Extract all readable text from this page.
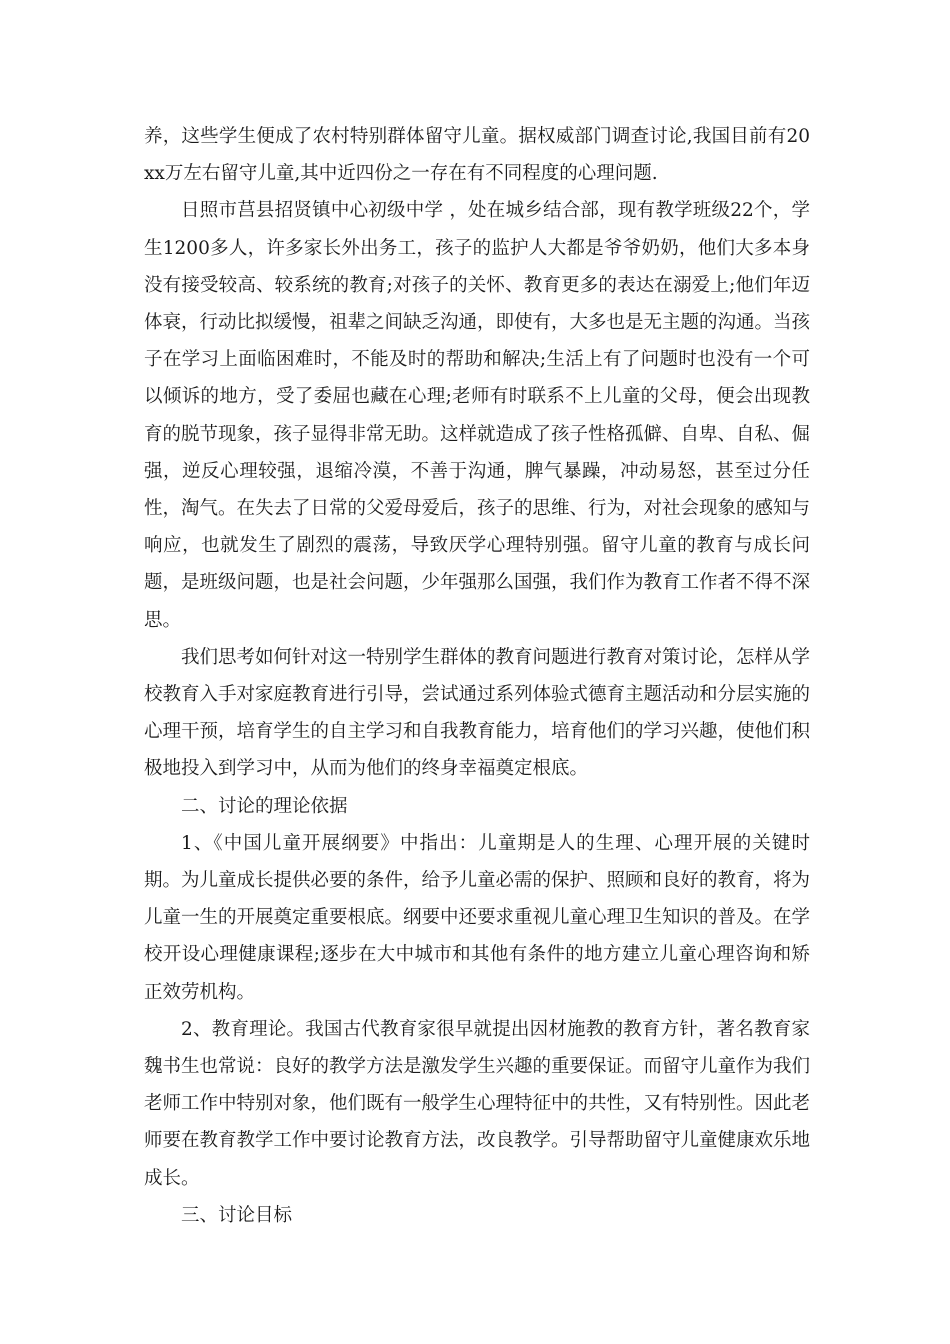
养，这些学生便成了农村特别群体留守儿童。据权威部门调查讨论,我国目前有20xx万左右留守儿童,其中近四份之一存在有不同程度的心理问题.

日照市莒县招贤镇中心初级中学 ，处在城乡结合部，现有教学班级22个，学生1200多人，许多家长外出务工，孩子的监护人大都是爷爷奶奶，他们大多本身没有接受较高、较系统的教育;对孩子的关怀、教育更多的表达在溺爱上;他们年迈体衰，行动比拟缓慢，祖辈之间缺乏沟通，即使有，大多也是无主题的沟通。当孩子在学习上面临困难时，不能及时的帮助和解决;生活上有了问题时也没有一个可以倾诉的地方，受了委屈也藏在心理;老师有时联系不上儿童的父母，便会出现教育的脱节现象，孩子显得非常无助。这样就造成了孩子性格孤僻、自卑、自私、倔强，逆反心理较强，退缩冷漠，不善于沟通，脾气暴躁，冲动易怒，甚至过分任性，淘气。在失去了日常的父爱母爱后，孩子的思维、行为，对社会现象的感知与响应，也就发生了剧烈的震荡，导致厌学心理特别强。留守儿童的教育与成长问题，是班级问题，也是社会问题，少年强那么国强，我们作为教育工作者不得不深思。

我们思考如何针对这一特别学生群体的教育问题进行教育对策讨论，怎样从学校教育入手对家庭教育进行引导，尝试通过系列体验式德育主题活动和分层实施的心理干预，培育学生的自主学习和自我教育能力，培育他们的学习兴趣，使他们积极地投入到学习中，从而为他们的终身幸福奠定根底。

二、讨论的理论依据

1、《中国儿童开展纲要》中指出：儿童期是人的生理、心理开展的关键时期。为儿童成长提供必要的条件，给予儿童必需的保护、照顾和良好的教育，将为儿童一生的开展奠定重要根底。纲要中还要求重视儿童心理卫生知识的普及。在学校开设心理健康课程;逐步在大中城市和其他有条件的地方建立儿童心理咨询和矫正效劳机构。

2、教育理论。我国古代教育家很早就提出因材施教的教育方针，著名教育家魏书生也常说：良好的教学方法是激发学生兴趣的重要保证。而留守儿童作为我们老师工作中特别对象，他们既有一般学生心理特征中的共性，又有特别性。因此老师要在教育教学工作中要讨论教育方法，改良教学。引导帮助留守儿童健康欢乐地成长。

三、讨论目标
